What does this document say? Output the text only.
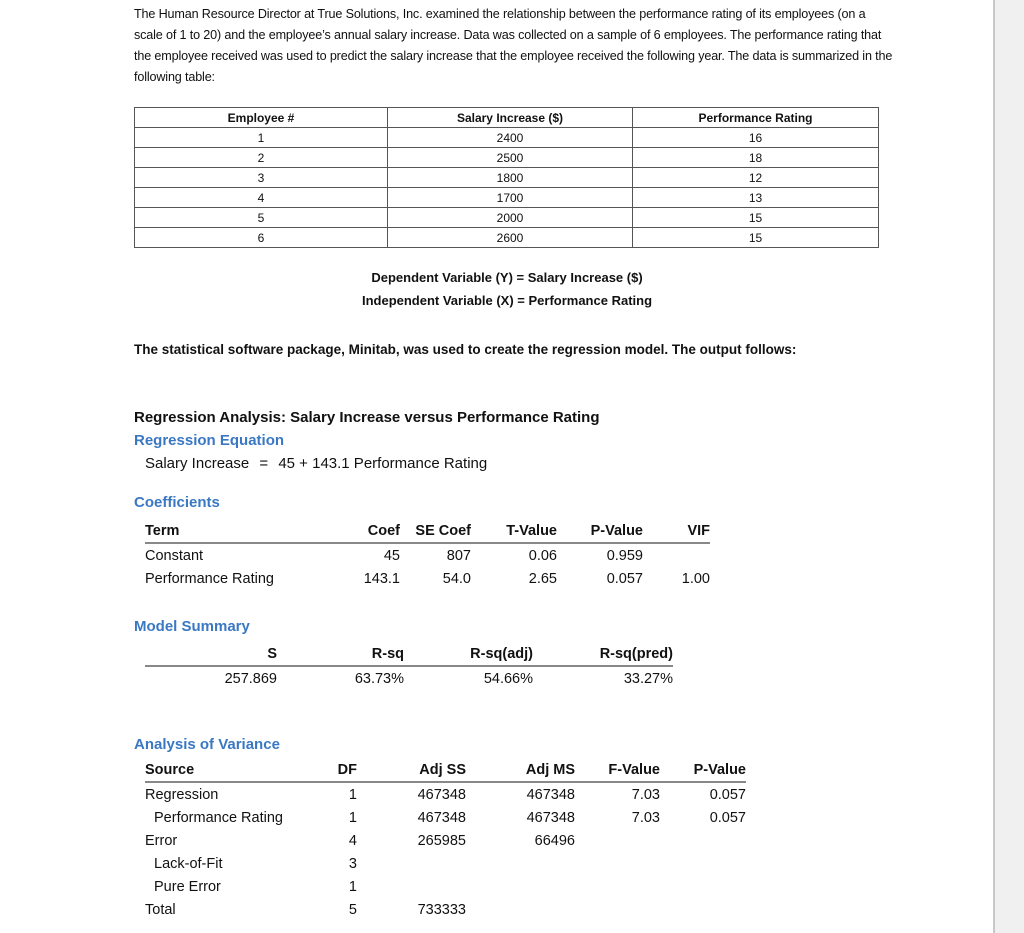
The Human Resource Director at True Solutions, Inc. examined the relationship between the performance rating of its employees (on a scale of 1 to 20) and the employee’s annual salary increase. Data was collected on a sample of 6 employees. The performance rating that the employee received was used to predict the salary increase that the employee received the following year. The data is summarized in the following table:
Employee #	Salary Increase ($)	Performance Rating
1	2400	16
2	2500	18
3	1800	12
4	1700	13
5	2000	15
6	2600	15
Dependent Variable (Y) = Salary Increase ($)
Independent Variable (X) = Performance Rating
The statistical software package, Minitab, was used to create the regression model. The output follows:
Regression Analysis: Salary Increase versus Performance Rating
Regression Equation
Salary Increase = 45 + 143.1 Performance Rating
Coefficients
Term	Coef	SE Coef	T-Value	P-Value	VIF
Constant	45	807	0.06	0.959	
Performance Rating	143.1	54.0	2.65	0.057	1.00
Model Summary
S	R-sq	R-sq(adj)	R-sq(pred)
257.869	63.73%	54.66%	33.27%
Analysis of Variance
Source	DF	Adj SS	Adj MS	F-Value	P-Value
Regression	1	467348	467348	7.03	0.057
Performance Rating	1	467348	467348	7.03	0.057
Error	4	265985	66496		
Lack-of-Fit	3				
Pure Error	1				
Total	5	733333			
